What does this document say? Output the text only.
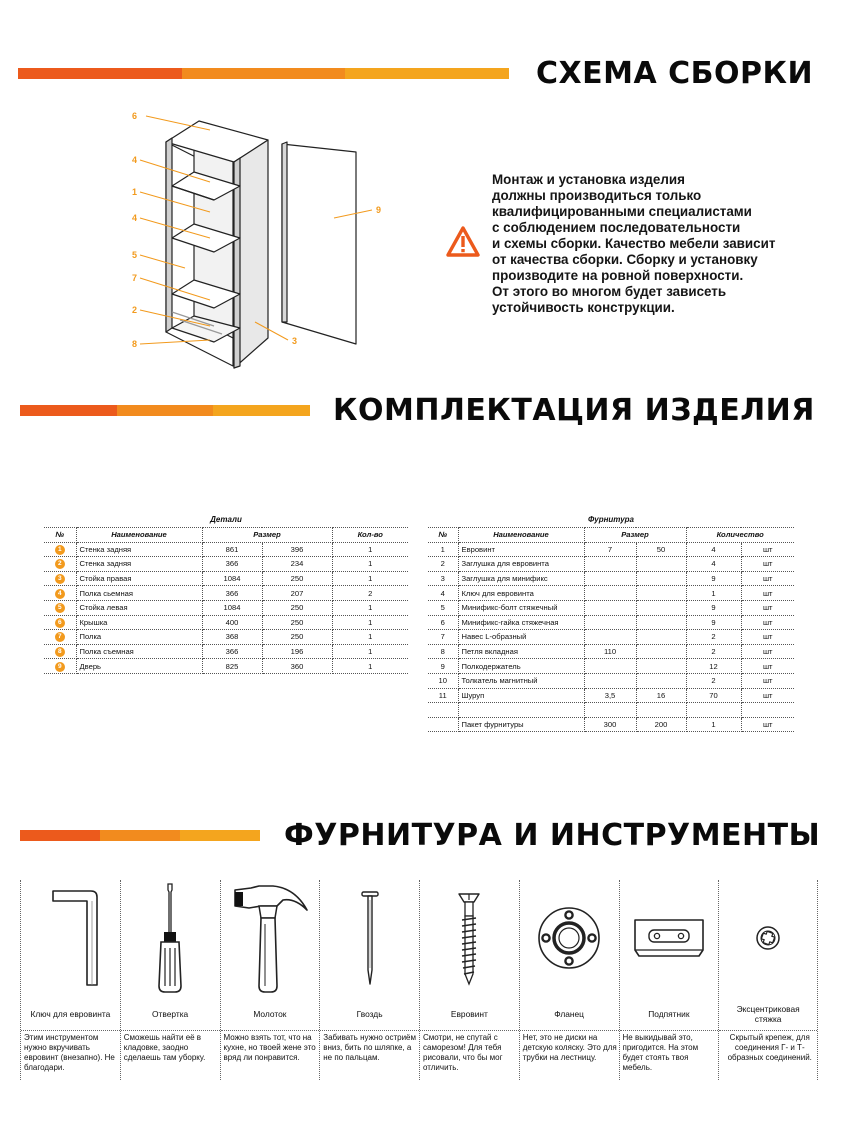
СХЕМА СБОРКИ
6
4
1
4
5
7
2
8
9
3
Монтаж и установка изделия
должны производиться только
квалифицированными специалистами
с соблюдением последовательности
и схемы сборки. Качество мебели зависит
от качества сборки. Сборку и установку
производите на ровной поверхности.
От этого во многом будет зависеть
устойчивость конструкции.
КОМПЛЕКТАЦИЯ ИЗДЕЛИЯ
Детали
№	Наименование	Размер		Кол-во
1	Стенка задняя	861	396	1
2	Стенка задняя	366	234	1
3	Стойка правая	1084	250	1
4	Полка сьемная	366	207	2
5	Стойка левая	1084	250	1
6	Крышка	400	250	1
7	Полка	368	250	1
8	Полка съемная	366	196	1
9	Дверь	825	360	1
Фурнитура
№	Наименование	Размер		Количество	
1	Евровинт	7	50	4	шт
2	Заглушка для евровинта			4	шт
3	Заглушка для минификс			9	шт
4	Ключ для евровинта			1	шт
5	Минификс-болт стяжечный			9	шт
6	Минификс-гайка стяжечная			9	шт
7	Навес L-образный			2	шт
8	Петля вкладная	110		2	шт
9	Полкодержатель			12	шт
10	Толкатель магнитный			2	шт
11	Шуруп	3,5	16	70	шт

	Пакет фурнитуры	300	200	1	шт
ФУРНИТУРА И ИНСТРУМЕНТЫ
Ключ для евровинта
Этим инструментом нужно вкручивать евровинт (внезапно). Не благодари.
Отвертка
Сможешь найти её в кладовке, заодно сделаешь там уборку.
Молоток
Можно взять тот, что на кухне, но твоей жене это вряд ли понравится.
Гвоздь
Забивать нужно остриём вниз, бить по шляпке, а не по пальцам.
Евровинт
Смотри, не спутай с саморезом! Для тебя рисовали, что бы мог отличить.
Фланец
Нет, это не диски на детскую коляску. Это для трубки на лестницу.
Подпятник
Не выкидывай это, пригодится. На этом будет стоять твоя мебель.
Эксцентриковая стяжка
Скрытый крепеж, для соединения Г- и Т-образных соединений.
